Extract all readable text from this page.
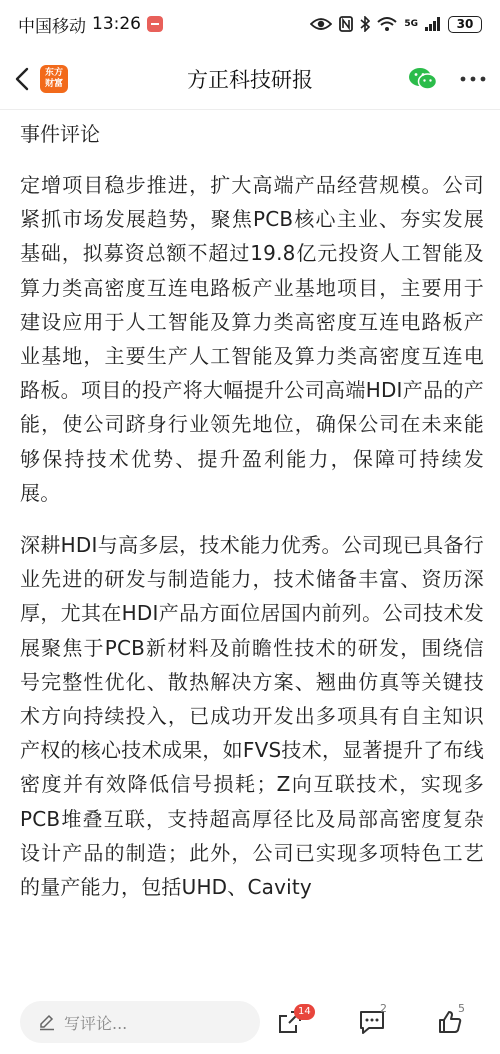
中国移动 13:26	5G	30
东方
财富	方正科技研报
事件评论

定增项目稳步推进，扩大高端产品经营规模。公司紧抓市场发展趋势，聚焦PCB核心主业、夯实发展基础，拟募资总额不超过19.8亿元投资人工智能及算力类高密度互连电路板产业基地项目，主要用于建设应用于人工智能及算力类高密度互连电路板产业基地，主要生产人工智能及算力类高密度互连电路板。项目的投产将大幅提升公司高端HDI产品的产能，使公司跻身行业领先地位，确保公司在未来能够保持技术优势、提升盈利能力，保障可持续发展。

深耕HDI与高多层，技术能力优秀。公司现已具备行业先进的研发与制造能力，技术储备丰富、资历深厚，尤其在HDI产品方面位居国内前列。公司技术发展聚焦于PCB新材料及前瞻性技术的研发，围绕信号完整性优化、散热解决方案、翘曲仿真等关键技术方向持续投入，已成功开发出多项具有自主知识产权的核心技术成果，如FVS技术，显著提升了布线密度并有效降低信号损耗；Z向互联技术，实现多PCB堆叠互联，支持超高厚径比及局部高密度复杂设计产品的制造；此外，公司已实现多项特色工艺的量产能力，包括UHD、Cavity

写评论...
14	2	5
